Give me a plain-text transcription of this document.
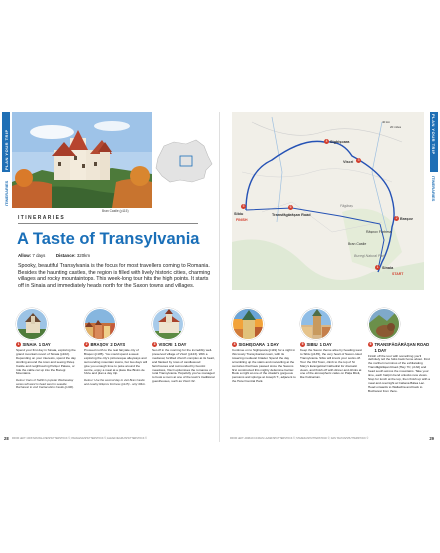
PLAN YOUR TRIP
ITINERARIES
Bran Castle (p115)
ITINERARIES
A Taste of Transylvania
Allow: 7 days Distance: 320km
Spooky, beautiful Transylvania is the focus for most travellers coming to Romania. Besides the haunting castles, the region is filled with lively historic cities, charming villages and rocky mountaintops. This week-long tour hits the high points. It starts off in Sinaia and immediately heads north for the Saxon towns and villages.
1 SINAIA 1 DAY
Spend your first day in Sinaia, exploring the grand mountain resort of Sinaia (p102). Depending on your interests, spend the day strolling around the town and seeing Peleș Castle and neighbouring Pelișor Palace, or ride the cable car up into the Bucegi Mountains.
Detour: Fans of Netflix's popular Wednesday series will want to head west to seaside Bucharest to visit Cantacuzino Castle (p100).
2 BRAȘOV 2 DAYS
Proceed north to the real fairytale city of Brașov (p105). You could spend a week exploring the city's picturesque alleyways and surrounding mountain towns, but two days will give you enough time to poke around the centre, enjoy a meal at a place like Bistro de l'Arte and plan a day trip.
Detour: Use the second day to visit Bran Castle and nearby Râșnov Fortress (p115) - only 30km.
3 VISCRI 1 DAY
Set off in the morning for the incredibly well-preserved village of Viscri (p123). With a medieval, fortified church complex at its heart, and flanked by rows of candlewood farmhouses and surrounded by bucolic meadows, Viscri epitomises the romance of rural Transylvania. Hopefully you've managed to book a room at one of the town's traditional guesthouses, such as Viscri 32.
FROM LEFT: CRISTIAN BALATE/SHUTTERSTOCK ©; PAVALENA/SHUTTERSTOCK ©; ELENA NEGRU/SHUTTERSTOCK ©
28
PLAN YOUR TRIP
ITINERARIES
40 km
20 miles
4 Sighișoara
3
Viscri
5
Sibiu
6
Transfăgărășan Road
Făgăraș
2 Brașov
Râșnov Fortress
Bran Castle
Bucegi Natural Park
1 Sinaia
START
FINISH
4 SIGHIȘOARA 1 DAY
Continue on to Sighișoara (p119) for a night in this lovely Transylvanian town, with its towering medieval Citadel. Spend the day scrambling up the stairs and marvelling at the centuries that have passed since the Saxons first constructed this mighty defensive barrier. Book a night at one of the citadel's gorgeous pensions and splurge at Joseph T., adjacent to the Hotel Central Park.
5 SIBIU 1 DAY
Keep the Saxon theme alive by heading west to Sibiu (p135), the very heart of Saxon-ruled Transylvania. Sibiu will knock your socks off. Tour the Old Town, climb to the top of St Mary's Evangelical Cathedral for dramatic views, and finish off with dinner and drinks at one of the atmospheric cafes on Piața Mică, like Kulinarium.
6 TRANSFĂGĂRĂȘAN ROAD
1 DAY
Finish off the tour with something you'll definitely tell the folks back home about. Find the northern terminus of the exhilarating Transfăgărășan Road (Hwy 7C; p132) and head south across the mountains. Take your time, each hairpin bend unlocks new views. Stop for lunch at the top, then finish up with a meal and overnight at Cabana Bâlea Lac. Head onwards to Wallachia and back to Bucharest from there.
FROM LEFT: ADRIAN CATALIN LAZAR/SHUTTERSTOCK ©; STAZEKA/SHUTTERSTOCK ©; DAN TAUTAN/SHUTTERSTOCK ©	29
